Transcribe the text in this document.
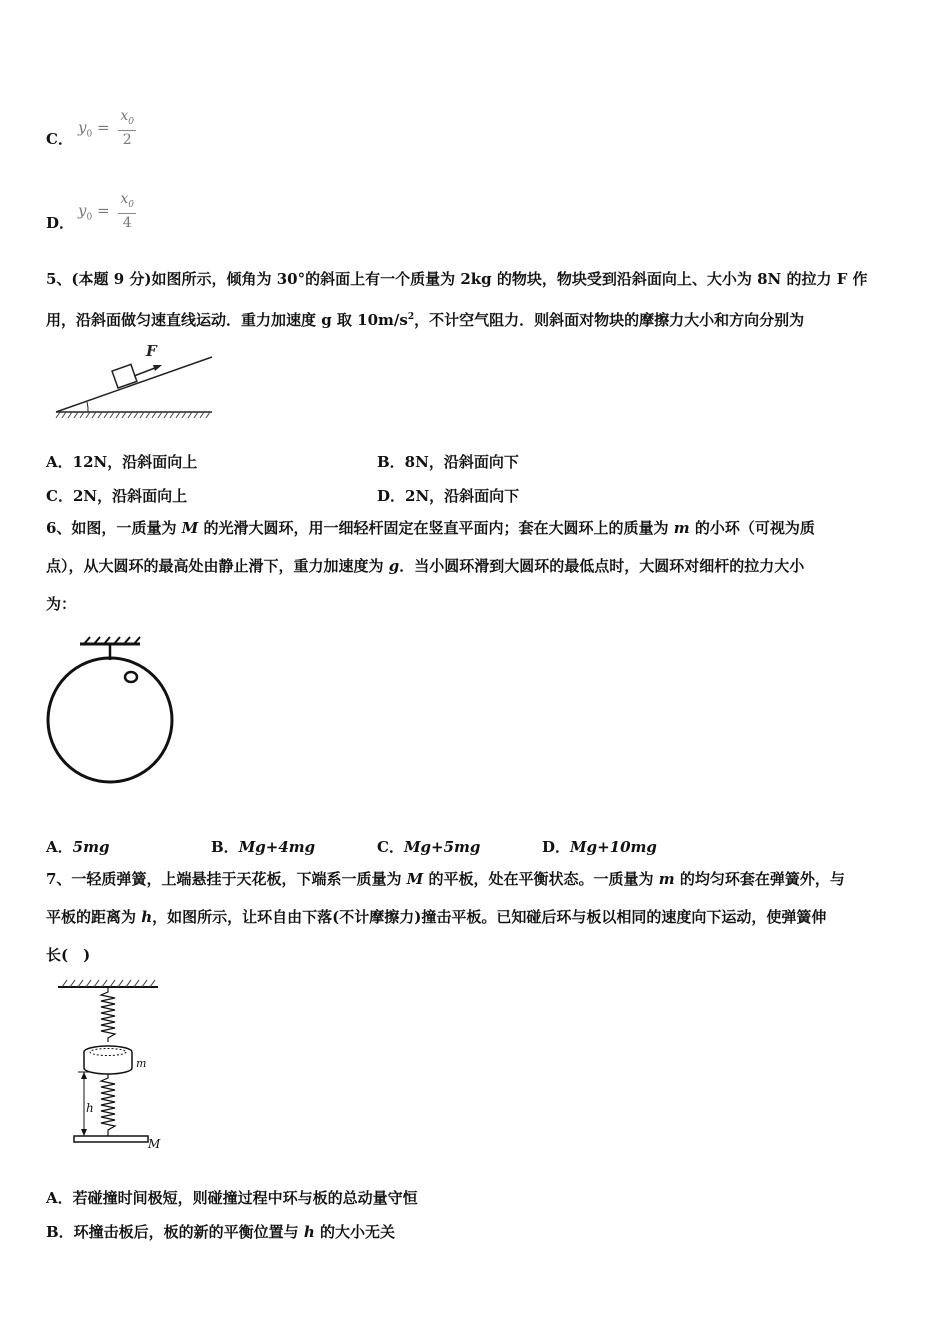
C．
$y_0 = \frac{x_0}{2}$
D．
$y_0 = \frac{x_0}{4}$
5、(本题 9 分)如图所示，倾角为 30°的斜面上有一个质量为 2kg 的物块，物块受到沿斜面向上、大小为 8N 的拉力 F 作
用，沿斜面做匀速直线运动．重力加速度 g 取 $10m/s^2$，不计空气阻力．则斜面对物块的摩擦力大小和方向分别为
F
A．12N，沿斜面向上	B．8N，沿斜面向下
C．2N，沿斜面向上	D．2N，沿斜面向下
6、如图，一质量为 M 的光滑大圆环，用一细轻杆固定在竖直平面内；套在大圆环上的质量为 m 的小环（可视为质
点），从大圆环的最高处由静止滑下，重力加速度为 g．当小圆环滑到大圆环的最低点时，大圆环对细杆的拉力大小
为：
A．5mg	B．Mg+4mg	C．Mg+5mg	D．Mg+10mg
7、一轻质弹簧，上端悬挂于天花板，下端系一质量为 M 的平板，处在平衡状态。一质量为 m 的均匀环套在弹簧外，与
平板的距离为 h，如图所示，让环自由下落(不计摩擦力)撞击平板。已知碰后环与板以相同的速度向下运动，使弹簧伸
长(　)
m
h
M
A．若碰撞时间极短，则碰撞过程中环与板的总动量守恒
B．环撞击板后，板的新的平衡位置与 h 的大小无关
